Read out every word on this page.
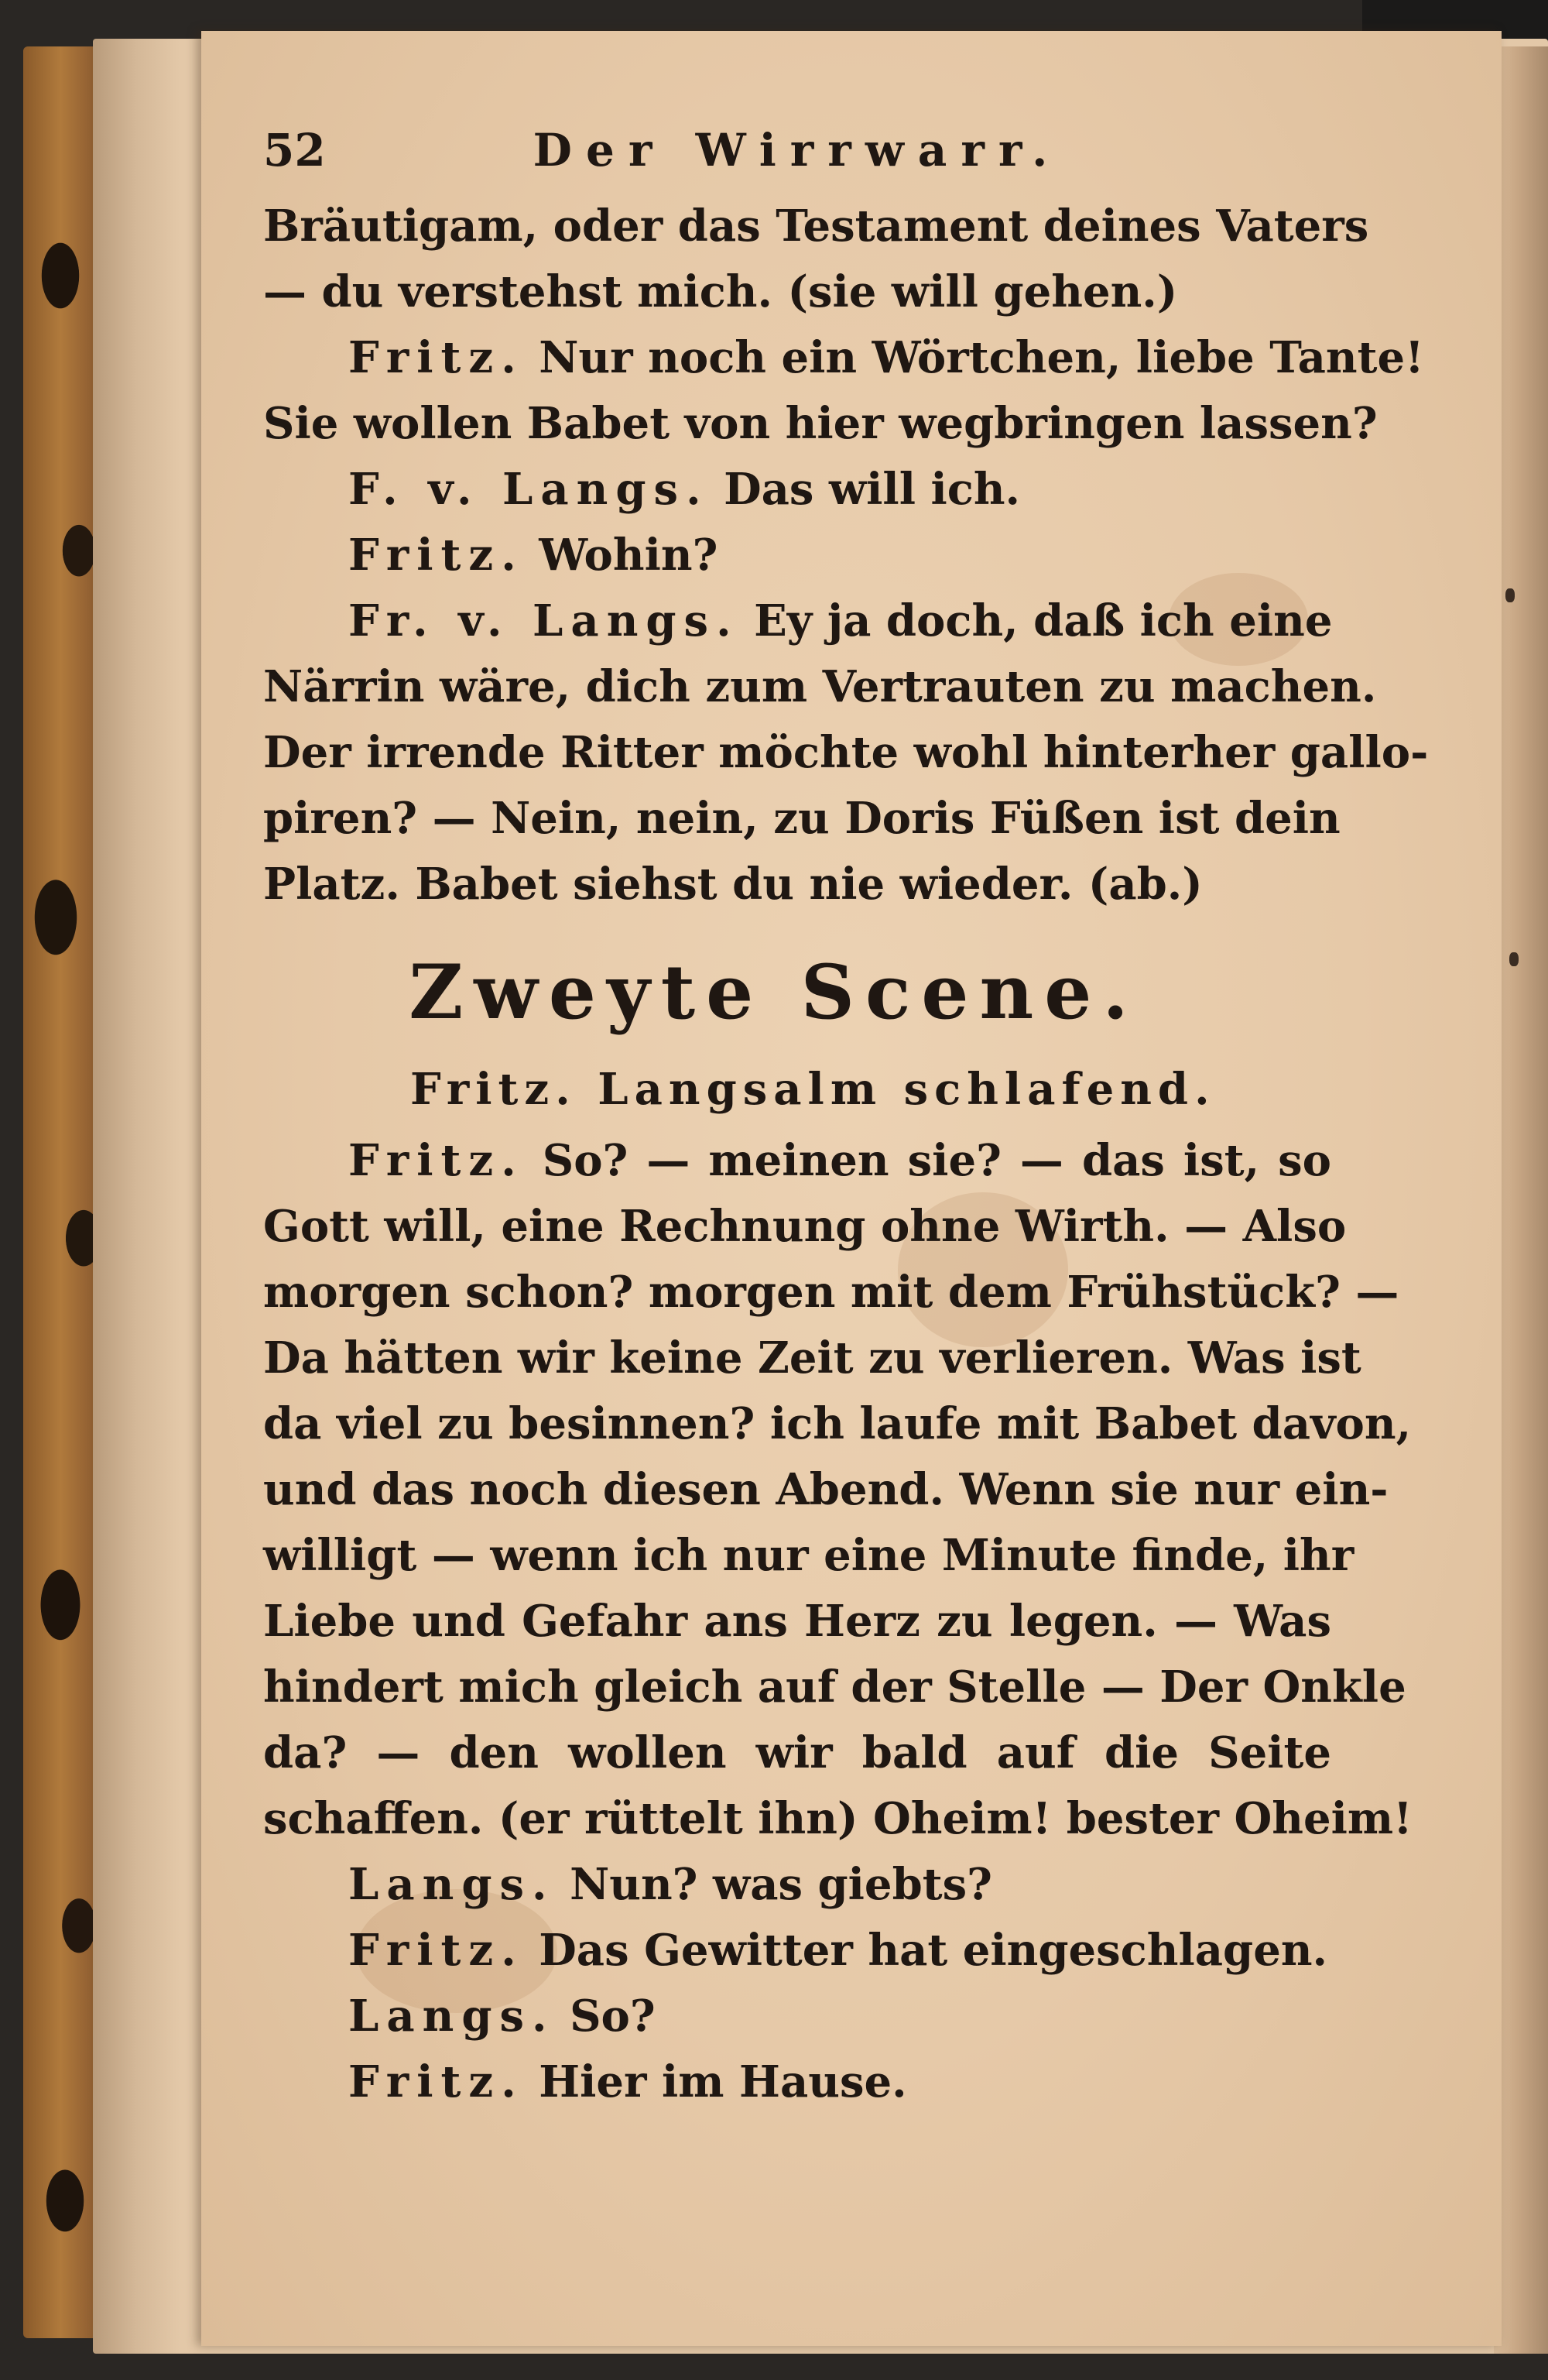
52	Der Wirrwarr.
Bräutigam, oder das Testament deines Vaters
— du verstehst mich. (sie will gehen.)
Fritz. Nur noch ein Wörtchen, liebe Tante!
Sie wollen Babet von hier wegbringen lassen?
F. v. Langs. Das will ich.
Fritz. Wohin?
Fr. v. Langs. Ey ja doch, daß ich eine
Närrin wäre, dich zum Vertrauten zu machen.
Der irrende Ritter möchte wohl hinterher gallo-
piren? — Nein, nein, zu Doris Füßen ist dein
Platz. Babet siehst du nie wieder. (ab.)
Zweyte Scene.
Fritz. Langsalm schlafend.
Fritz. So? — meinen sie? — das ist, so
Gott will, eine Rechnung ohne Wirth. — Also
morgen schon? morgen mit dem Frühstück? —
Da hätten wir keine Zeit zu verlieren. Was ist
da viel zu besinnen? ich laufe mit Babet davon,
und das noch diesen Abend. Wenn sie nur ein-
willigt — wenn ich nur eine Minute finde, ihr
Liebe und Gefahr ans Herz zu legen. — Was
hindert mich gleich auf der Stelle — Der Onkle
da? — den wollen wir bald auf die Seite
schaffen. (er rüttelt ihn) Oheim! bester Oheim!
Langs. Nun? was giebts?
Fritz. Das Gewitter hat eingeschlagen.
Langs. So?
Fritz. Hier im Hause.
